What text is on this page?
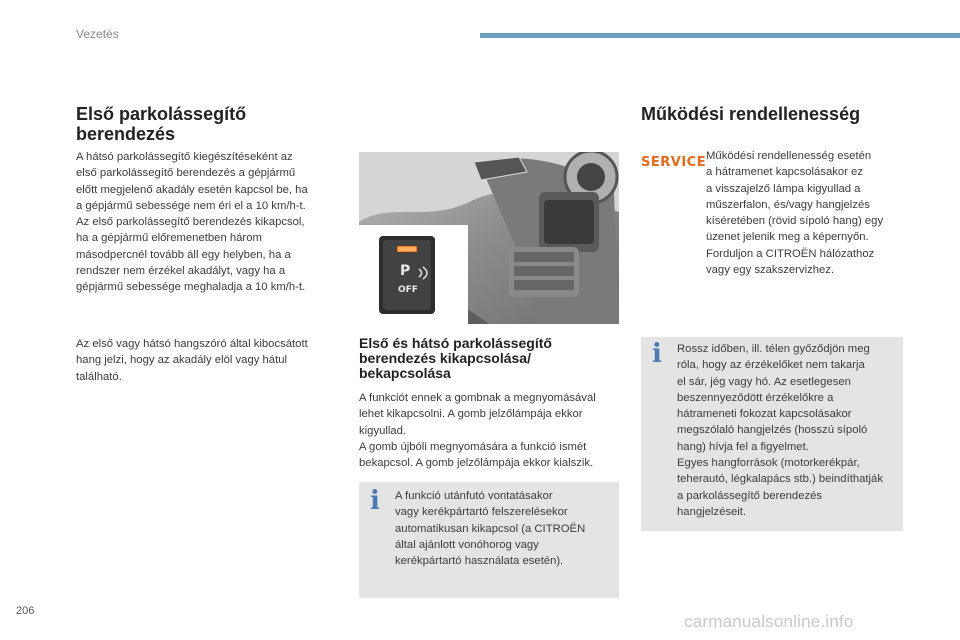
Vezetés
Első parkolássegítő
berendezés
A hátsó parkolássegítő kiegészítéseként az
első parkolássegítő berendezés a gépjármű
előtt megjelenő akadály esetén kapcsol be, ha
a gépjármű sebessége nem éri el a 10 km/h-t.
Az első parkolássegítő berendezés kikapcsol,
ha a gépjármű előremenetben három
másodpercnél tovább áll egy helyben, ha a
rendszer nem érzékel akadályt, vagy ha a
gépjármű sebessége meghaladja a 10 km/h-t.
Az első vagy hátsó hangszóró által kibocsátott
hang jelzi, hogy az akadály elöl vagy hátul
található.
P
OFF
Első és hátsó parkolássegítő
berendezés kikapcsolása/
bekapcsolása
A funkciót ennek a gombnak a megnyomásával
lehet kikapcsolni. A gomb jelzőlámpája ekkor
kigyullad.
A gomb újbóli megnyomására a funkció ismét
bekapcsol. A gomb jelzőlámpája ekkor kialszik.
i A funkció utánfutó vontatásakor
vagy kerékpártartó felszerelésekor
automatikusan kikapcsol (a CITROËN
által ajánlott vonóhorog vagy
kerékpártartó használata esetén).
Működési rendellenesség
SERVICE Működési rendellenesség esetén
a hátramenet kapcsolásakor ez
a visszajelző lámpa kigyullad a
műszerfalon, és/vagy hangjelzés
kíséretében (rövid sípoló hang) egy
üzenet jelenik meg a képernyőn.
Forduljon a CITROËN hálózathoz
vagy egy szakszervizhez.
i Rossz időben, ill. télen győződjön meg
róla, hogy az érzékelőket nem takarja
el sár, jég vagy hó. Az esetlegesen
beszennyeződött érzékelőkre a
hátrameneti fokozat kapcsolásakor
megszólaló hangjelzés (hosszú sípoló
hang) hívja fel a figyelmet.
Egyes hangforrások (motorkerékpár,
teherautó, légkalapács stb.) beindíthatják
a parkolássegítő berendezés
hangjelzéseit.
206
carmanualsonline.info
